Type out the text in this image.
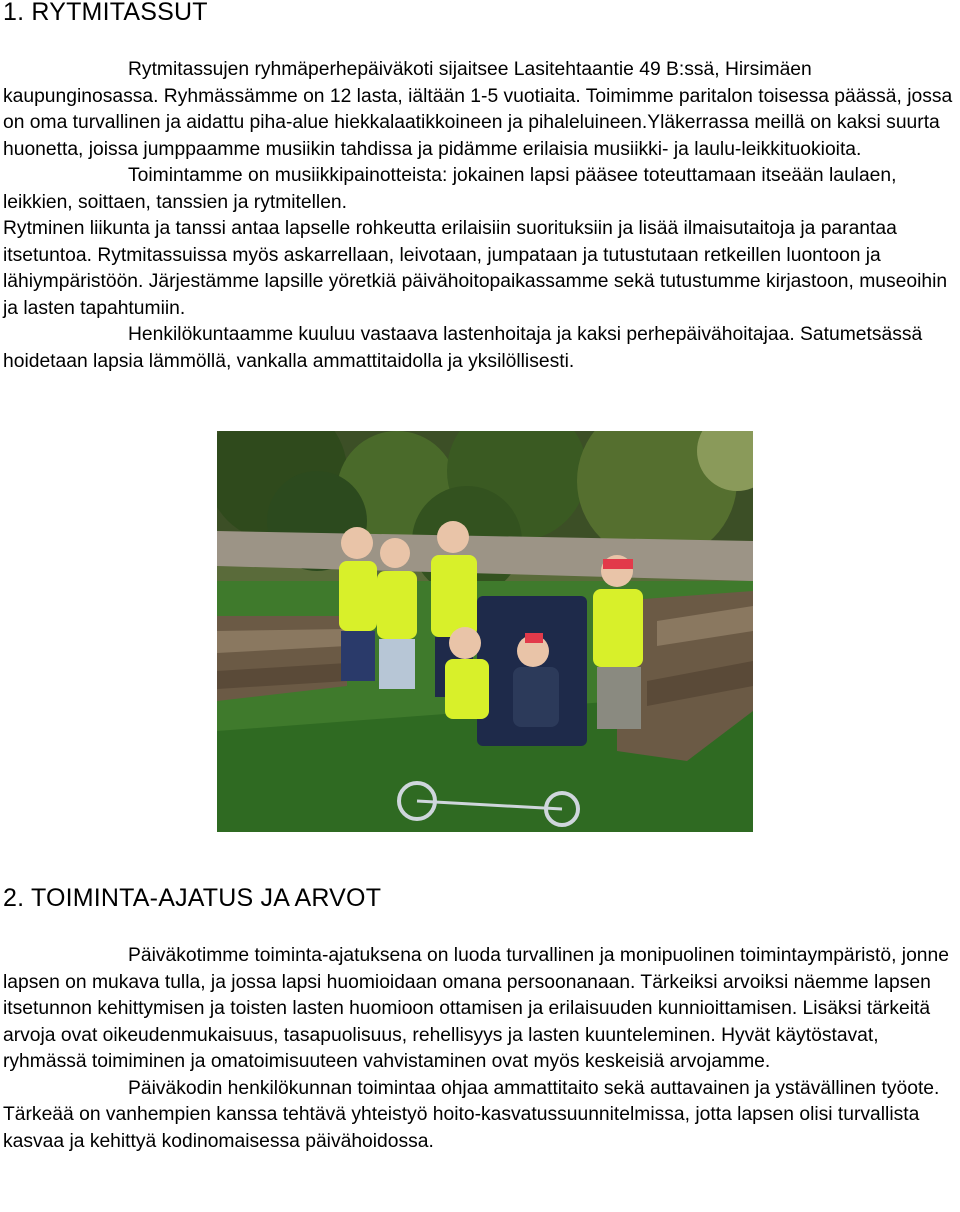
1. RYTMITASSUT

Rytmitassujen ryhmäperhepäiväkoti sijaitsee Lasitehtaantie 49 B:ssä, Hirsimäen kaupunginosassa. Ryhmässämme on 12 lasta, iältään 1-5 vuotiaita. Toimimme paritalon toisessa päässä, jossa on oma turvallinen ja aidattu piha-alue hiekkalaatikkoineen ja pihaleluineen.Yläkerrassa meillä on kaksi suurta huonetta, joissa jumppaamme musiikin tahdissa ja pidämme erilaisia musiikki- ja laulu-leikkituokioita.

Toimintamme on musiikkipainotteista: jokainen lapsi pääsee toteuttamaan itseään laulaen, leikkien, soittaen, tanssien ja rytmitellen.

Rytminen liikunta ja tanssi antaa lapselle rohkeutta erilaisiin suorituksiin ja lisää ilmaisutaitoja ja parantaa itsetuntoa. Rytmitassuissa myös askarrellaan, leivotaan, jumpataan ja tutustutaan retkeillen luontoon ja lähiympäristöön. Järjestämme lapsille yöretkiä päivähoitopaikassamme sekä tutustumme kirjastoon, museoihin ja lasten tapahtumiin.

Henkilökuntaamme kuuluu vastaava lastenhoitaja ja kaksi perhepäivähoitajaa. Satumetsässä hoidetaan lapsia lämmöllä, vankalla ammattitaidolla ja yksilöllisesti.

2. TOIMINTA-AJATUS JA ARVOT

Päiväkotimme toiminta-ajatuksena on luoda turvallinen ja monipuolinen toimintaympäristö, jonne lapsen on mukava tulla, ja jossa lapsi huomioidaan omana persoonanaan. Tärkeiksi arvoiksi näemme lapsen itsetunnon kehittymisen ja toisten lasten huomioon ottamisen ja erilaisuuden kunnioittamisen. Lisäksi tärkeitä arvoja ovat oikeudenmukaisuus, tasapuolisuus, rehellisyys ja lasten kuunteleminen. Hyvät käytöstavat, ryhmässä toimiminen ja omatoimisuuteen vahvistaminen ovat myös keskeisiä arvojamme.

Päiväkodin henkilökunnan toimintaa ohjaa ammattitaito sekä auttavainen ja ystävällinen työote. Tärkeää on vanhempien kanssa tehtävä yhteistyö hoito-kasvatussuunnitelmissa, jotta lapsen olisi turvallista kasvaa ja kehittyä kodinomaisessa päivähoidossa.
